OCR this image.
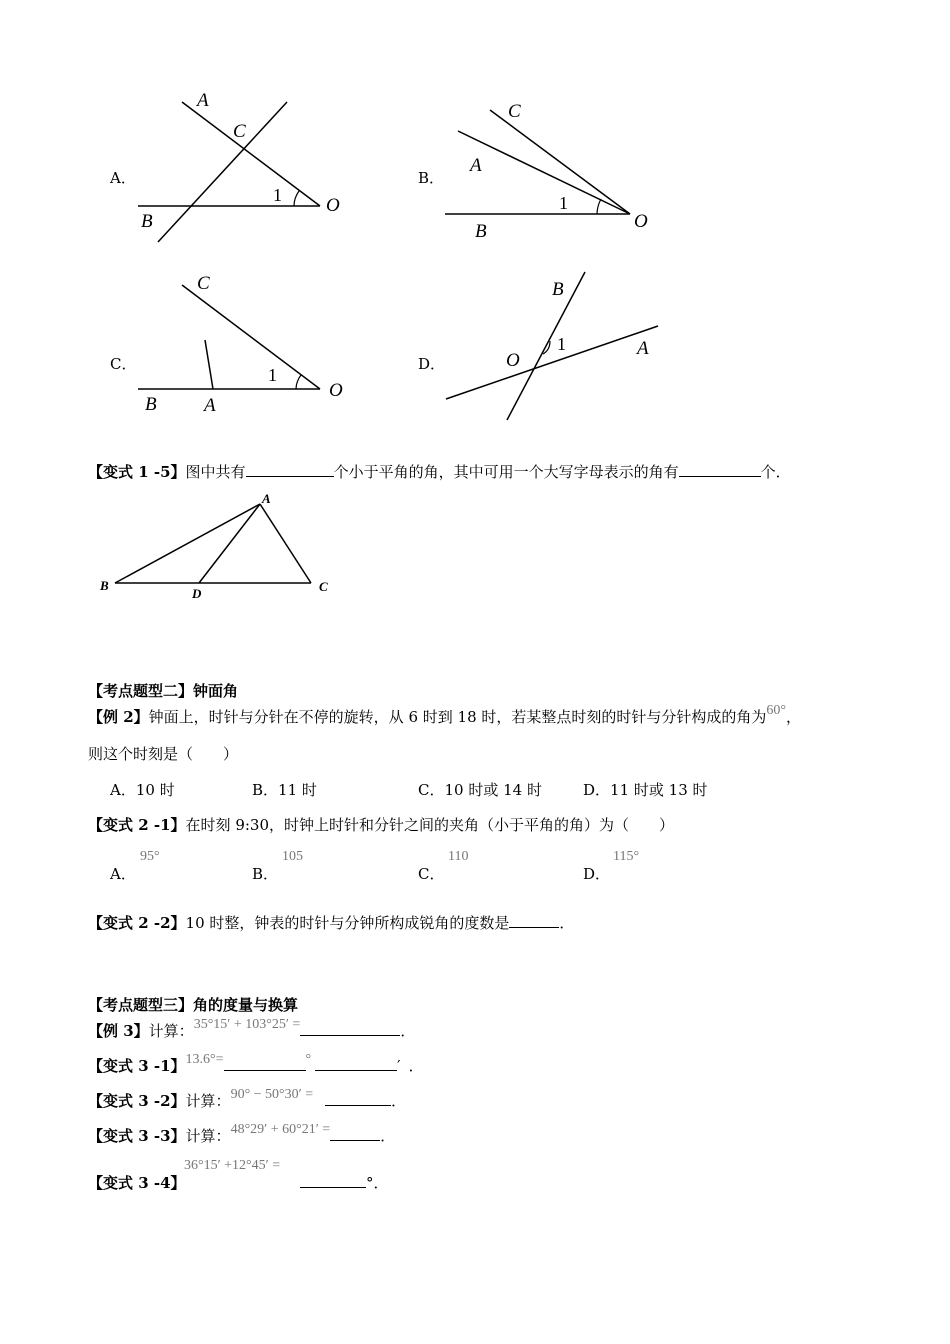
A．
A
C
B
O
1
B．
C
A
B	O
1
C．
C
B A
O
1
D．
B
O
A
1
【变式 1 -5】图中共有	个小于平角的角，其中可用一个大写字母表示的角有	个．
A
B
D	C
【考点题型二】钟面角
【例 2】钟面上，时针与分针在不停的旋转，从 6 时到 18 时，若某整点时刻的时针与分针构成的角为60°，
则这个时刻是（　　）
A．10 时	B．11 时	C．10 时或 14 时	D．11 时或 13 时
【变式 2 -1】在时刻 9:30，时钟上时针和分针之间的夹角（小于平角的角）为（　　）
A．
95°
B．
105
C．
110
D．
115°
【变式 2 -2】10 时整，钟表的时针与分钟所构成锐角的度数是	．
【考点题型三】角的度量与换算
【例 3】计算：35°15′ + 103°25′ =	．
【变式 3 -1】13.6°=	°	′ ．
【变式 3 -2】计算：90° − 50°30′ =	．
【变式 3 -3】计算：48°29′ + 60°21′ =	．
【变式 3 -4】
36°15′ +12°45′ =
°．
